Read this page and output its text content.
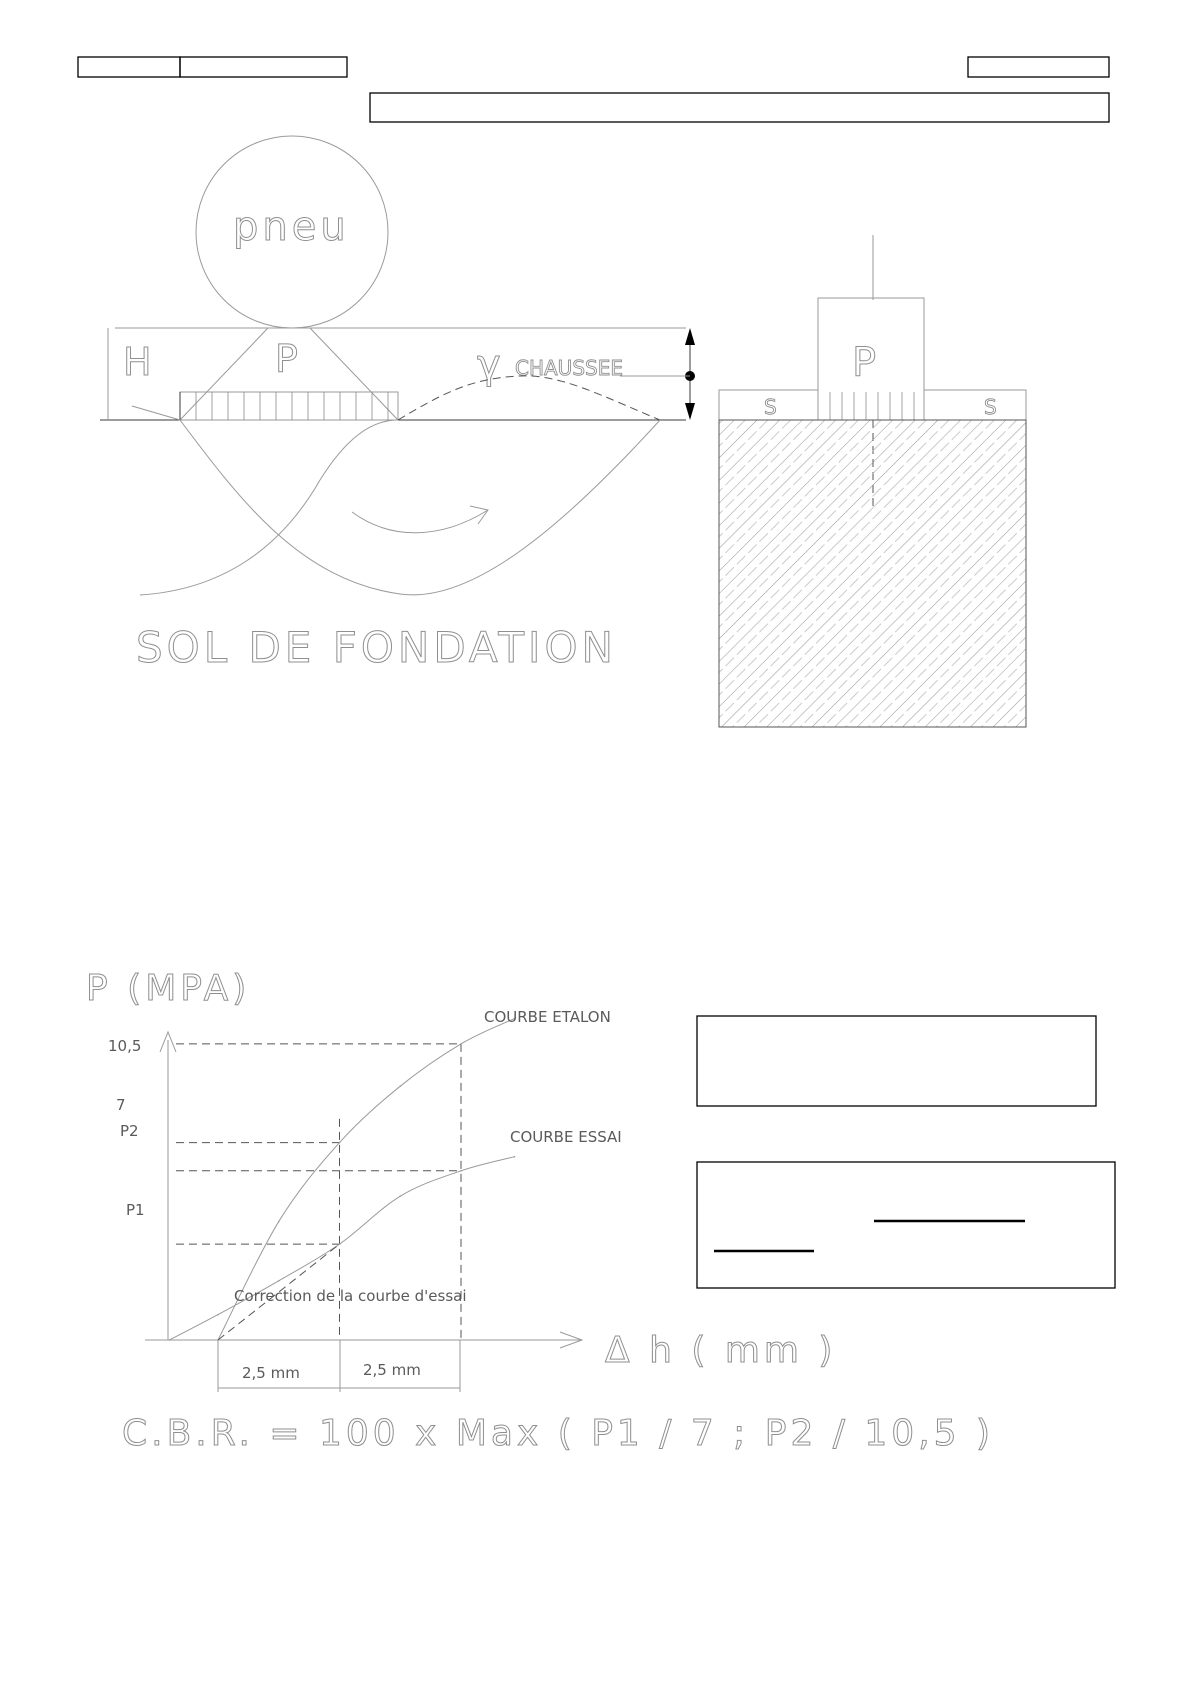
pneu
H	P	γ CHAUSSEE
SOL DE FONDATION
P
S	S
P (MPA)
Δ h ( mm )
10,5
7
P2
P1
COURBE ETALON
COURBE ESSAI
Correction de la courbe d'essai
2,5 mm	2,5 mm
C.B.R. = 100 x Max ( P1 / 7 ; P2 / 10,5 )
